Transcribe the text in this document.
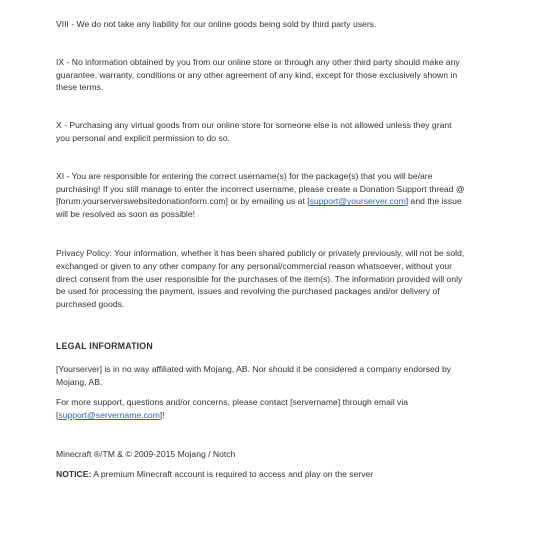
VIII - We do not take any liability for our online goods being sold by third party users.

IX - No information obtained by you from our online store or through any other third party should make any guarantee, warranty, conditions or any other agreement of any kind, except for those exclusively shown in these terms.

X - Purchasing any virtual goods from our online store for someone else is not allowed unless they grant    you personal and explicit permission to do so.

XI - You are responsible for entering the correct username(s) for the package(s) that you will be/are purchasing! If you still manage to enter the incorrect username, please create a Donation Support thread @ [forum.yourserverswebsitedonationform.com] or by emailing us at [support@yourserver.com] and the issue will be resolved as soon as possible!

Privacy Policy: Your information, whether it has been shared publicly or privately previously, will not be sold, exchanged or given to any other company for any personal/commercial reason whatsoever, without your direct consent from the user responsible for the purchases of the item(s). The information provided will only be used for processing the payment, issues and revolving the purchased packages and/or delivery of purchased goods.

LEGAL INFORMATION

[Yourserver] is in no way affiliated with Mojang, AB. Nor should it be considered a company endorsed by Mojang, AB.

For more support, questions and/or concerns, please contact [servername] through email via [support@servername.com]!

Minecraft ®/TM & © 2009-2015 Mojang / Notch

NOTICE: A premium Minecraft account is required to access and play on the server
